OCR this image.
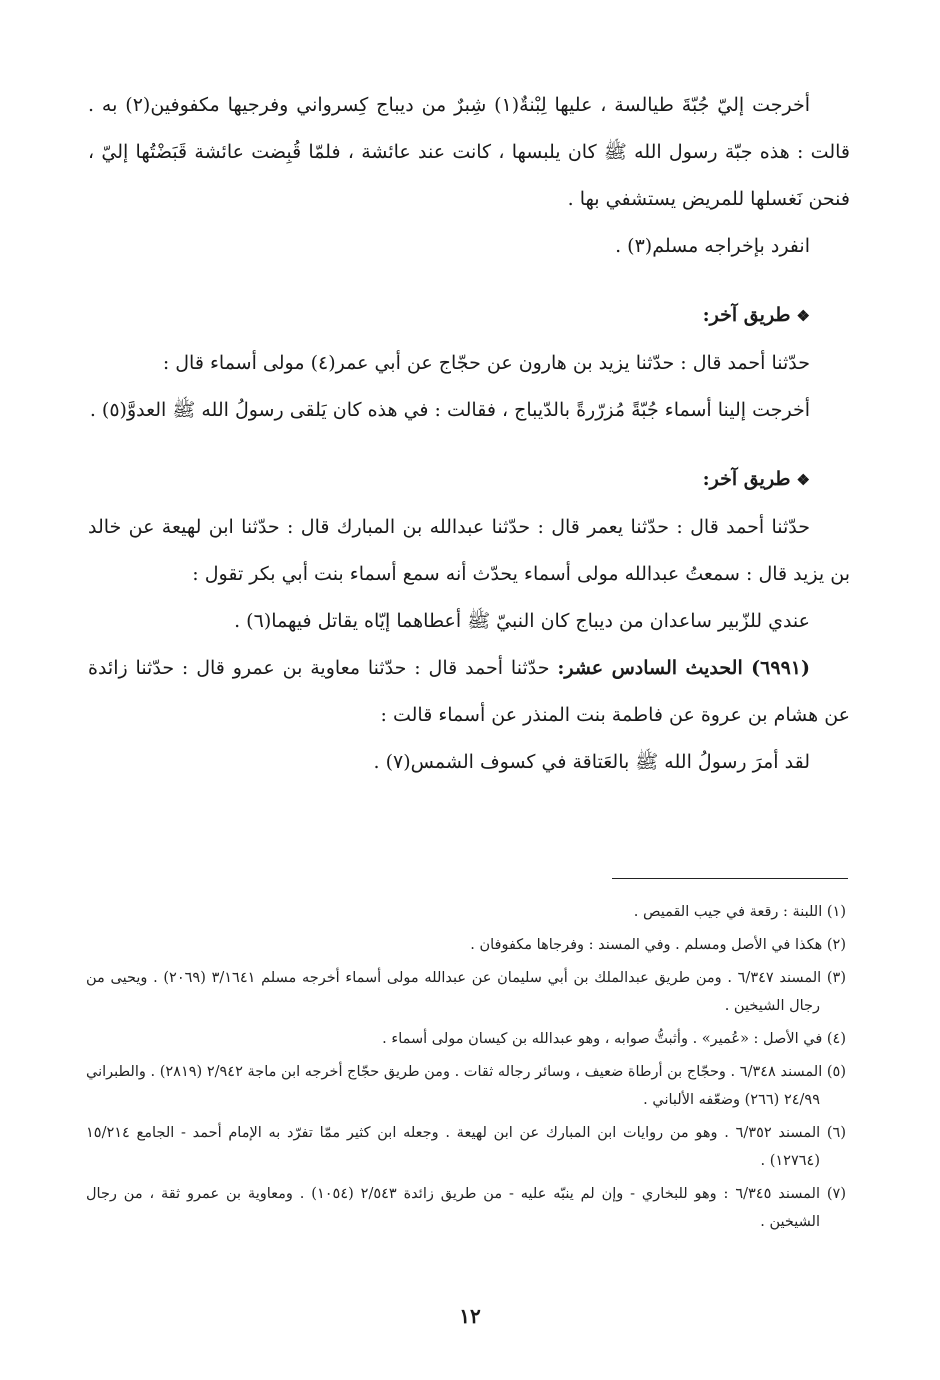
أخرجت إليّ جُبّةَ طيالسة ، عليها لِبْنةٌ(١) شِبرٌ من ديباج كِسرواني وفرجيها مكفوفين(٢) به . قالت : هذه جبّة رسول الله ﷺ كان يلبسها ، كانت عند عائشة ، فلمّا قُبِضت عائشة قَبَضْتُها إليّ ، فنحن نَغسلها للمريض يستشفي بها .

انفرد بإخراجه مسلم(٣) .

❖طريق آخر:

حدّثنا أحمد قال : حدّثنا يزيد بن هارون عن حجّاج عن أبي عمر(٤) مولى أسماء قال :

أخرجت إلينا أسماء جُبّةً مُزرّرةً بالدّيباج ، فقالت : في هذه كان يَلقى رسولُ الله ﷺ العدوَّ(٥) .

❖طريق آخر:

حدّثنا أحمد قال : حدّثنا يعمر قال : حدّثنا عبدالله بن المبارك قال : حدّثنا ابن لهيعة عن خالد بن يزيد قال : سمعتُ عبدالله مولى أسماء يحدّث أنه سمع أسماء بنت أبي بكر تقول :

عندي للزّبير ساعدان من ديباج كان النبيّ ﷺ أعطاهما إيّاه يقاتل فيهما(٦) .

(٦٩٩١) الحديث السادس عشر: حدّثنا أحمد قال : حدّثنا معاوية بن عمرو قال : حدّثنا زائدة عن هشام بن عروة عن فاطمة بنت المنذر عن أسماء قالت :

لقد أمرَ رسولُ الله ﷺ بالعَتاقة في كسوف الشمس(٧) .

(١) اللبنة : رقعة في جيب القميص .

(٢) هكذا في الأصل ومسلم . وفي المسند : وفرجاها مكفوفان .

(٣) المسند ٦/٣٤٧ . ومن طريق عبدالملك بن أبي سليمان عن عبدالله مولى أسماء أخرجه مسلم ٣/١٦٤١ (٢٠٦٩) . ويحيى من رجال الشيخين .

(٤) في الأصل : «عُمير» . وأثبتُّ صوابه ، وهو عبدالله بن كيسان مولى أسماء .

(٥) المسند ٦/٣٤٨ . وحجّاج بن أرطاة ضعيف ، وسائر رجاله ثقات . ومن طريق حجّاج أخرجه ابن ماجة ٢/٩٤٢ (٢٨١٩) . والطبراني ٢٤/٩٩ (٢٦٦) وضعّفه الألباني .

(٦) المسند ٦/٣٥٢ . وهو من روايات ابن المبارك عن ابن لهيعة . وجعله ابن كثير ممّا تفرّد به الإمام أحمد - الجامع ١٥/٢١٤ (١٢٧٦٤) .

(٧) المسند ٦/٣٤٥ : وهو للبخاري - وإن لم ينبّه عليه - من طريق زائدة ٢/٥٤٣ (١٠٥٤) . ومعاوية بن عمرو ثقة ، من رجال الشيخين .

١٢
